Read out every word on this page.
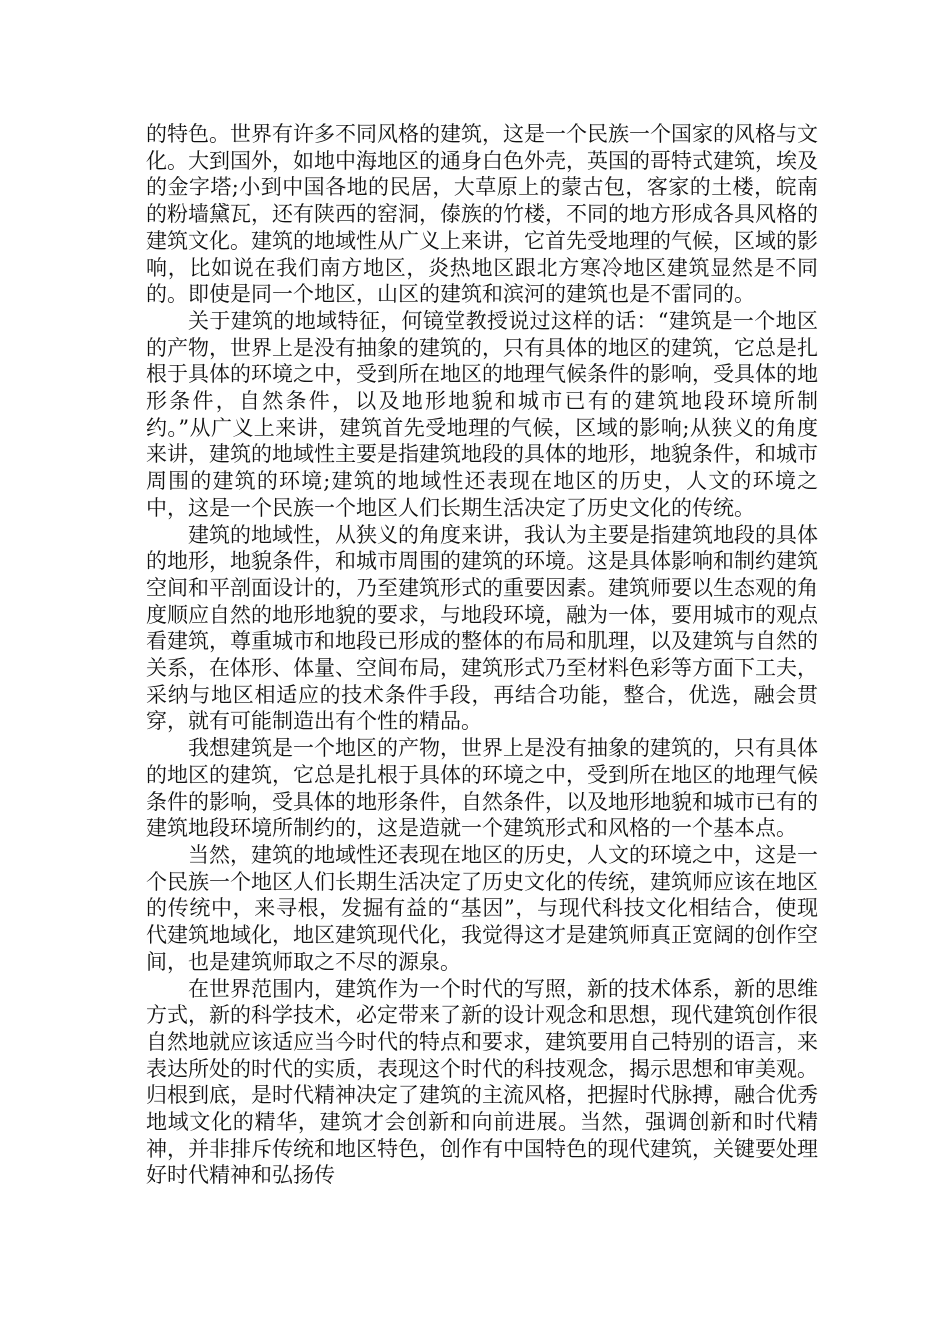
的特色。世界有许多不同风格的建筑，这是一个民族一个国家的风格与文化。大到国外，如地中海地区的通身白色外壳，英国的哥特式建筑，埃及的金字塔;小到中国各地的民居，大草原上的蒙古包，客家的土楼，皖南的粉墙黛瓦，还有陕西的窑洞，傣族的竹楼，不同的地方形成各具风格的建筑文化。建筑的地域性从广义上来讲，它首先受地理的气候，区域的影响，比如说在我们南方地区，炎热地区跟北方寒冷地区建筑显然是不同的。即使是同一个地区，山区的建筑和滨河的建筑也是不雷同的。

关于建筑的地域特征，何镜堂教授说过这样的话：“建筑是一个地区的产物，世界上是没有抽象的建筑的，只有具体的地区的建筑，它总是扎根于具体的环境之中，受到所在地区的地理气候条件的影响，受具体的地形条件，自然条件，以及地形地貌和城市已有的建筑地段环境所制约。”从广义上来讲，建筑首先受地理的气候，区域的影响;从狭义的角度来讲，建筑的地域性主要是指建筑地段的具体的地形，地貌条件，和城市周围的建筑的环境;建筑的地域性还表现在地区的历史，人文的环境之中，这是一个民族一个地区人们长期生活决定了历史文化的传统。

建筑的地域性，从狭义的角度来讲，我认为主要是指建筑地段的具体的地形，地貌条件，和城市周围的建筑的环境。这是具体影响和制约建筑空间和平剖面设计的，乃至建筑形式的重要因素。建筑师要以生态观的角度顺应自然的地形地貌的要求，与地段环境，融为一体，要用城市的观点看建筑，尊重城市和地段已形成的整体的布局和肌理，以及建筑与自然的关系，在体形、体量、空间布局，建筑形式乃至材料色彩等方面下工夫，采纳与地区相适应的技术条件手段，再结合功能，整合，优选，融会贯穿，就有可能制造出有个性的精品。

我想建筑是一个地区的产物，世界上是没有抽象的建筑的，只有具体的地区的建筑，它总是扎根于具体的环境之中，受到所在地区的地理气候条件的影响，受具体的地形条件，自然条件，以及地形地貌和城市已有的建筑地段环境所制约的，这是造就一个建筑形式和风格的一个基本点。

当然，建筑的地域性还表现在地区的历史，人文的环境之中，这是一个民族一个地区人们长期生活决定了历史文化的传统，建筑师应该在地区的传统中，来寻根，发掘有益的“基因”，与现代科技文化相结合，使现代建筑地域化，地区建筑现代化，我觉得这才是建筑师真正宽阔的创作空间，也是建筑师取之不尽的源泉。

在世界范围内，建筑作为一个时代的写照，新的技术体系，新的思维方式，新的科学技术，必定带来了新的设计观念和思想，现代建筑创作很自然地就应该适应当今时代的特点和要求，建筑要用自己特别的语言，来表达所处的时代的实质，表现这个时代的科技观念，揭示思想和审美观。归根到底，是时代精神决定了建筑的主流风格，把握时代脉搏，融合优秀地域文化的精华，建筑才会创新和向前进展。当然，强调创新和时代精神，并非排斥传统和地区特色，创作有中国特色的现代建筑，关键要处理好时代精神和弘扬传
